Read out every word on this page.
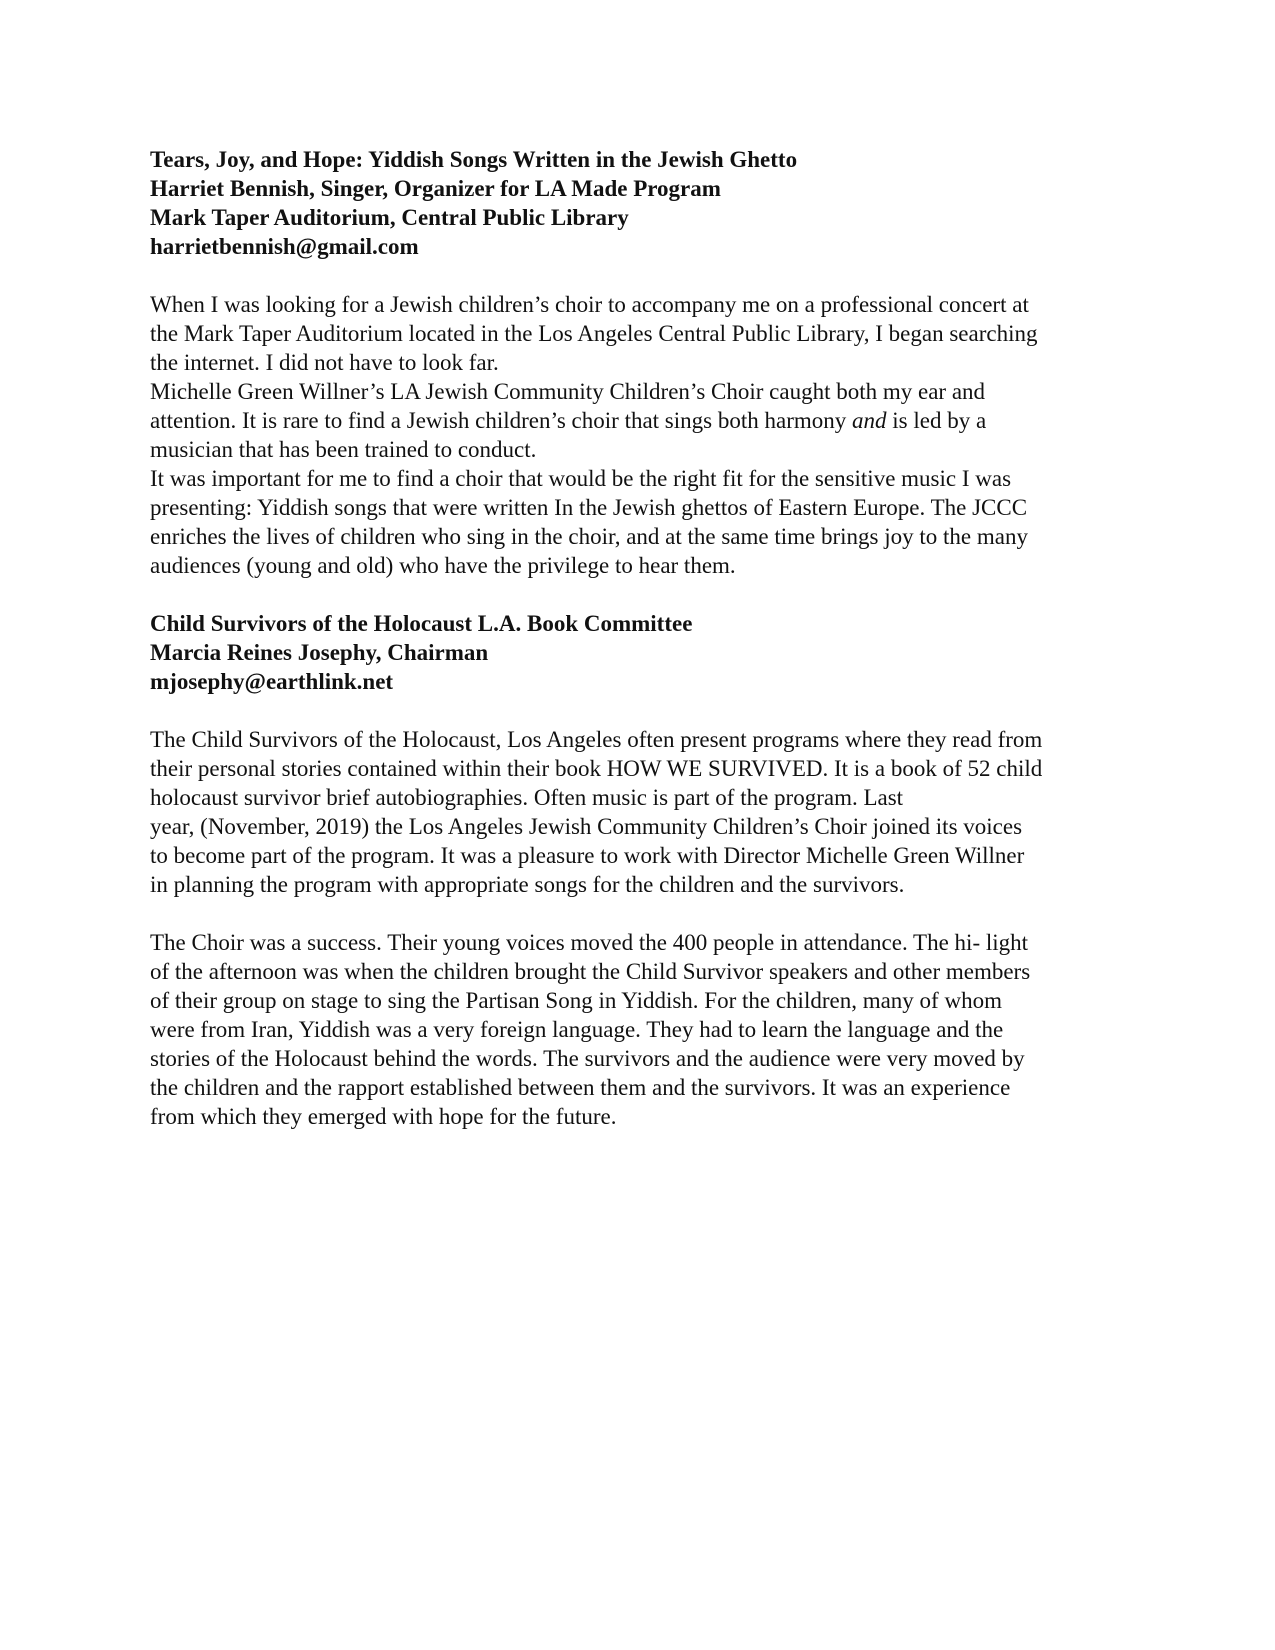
Tears, Joy, and Hope: Yiddish Songs Written in the Jewish Ghetto
Harriet Bennish, Singer, Organizer for LA Made Program
Mark Taper Auditorium, Central Public Library
harrietbennish@gmail.com
When I was looking for a Jewish children’s choir to accompany me on a professional concert at
the Mark Taper Auditorium located in the Los Angeles Central Public Library, I began searching
the internet. I did not have to look far.
Michelle Green Willner’s LA Jewish Community Children’s Choir caught both my ear and
attention. It is rare to find a Jewish children’s choir that sings both harmony and is led by a
musician that has been trained to conduct.
It was important for me to find a choir that would be the right fit for the sensitive music I was
presenting: Yiddish songs that were written In the Jewish ghettos of Eastern Europe. The JCCC
enriches the lives of children who sing in the choir, and at the same time brings joy to the many
audiences (young and old) who have the privilege to hear them.
Child Survivors of the Holocaust L.A. Book Committee
Marcia Reines Josephy, Chairman
mjosephy@earthlink.net
The Child Survivors of the Holocaust, Los Angeles often present programs where they read from
their personal stories contained within their book HOW WE SURVIVED. It is a book of 52 child
holocaust survivor brief autobiographies. Often music is part of the program. Last
year, (November, 2019) the Los Angeles Jewish Community Children’s Choir joined its voices
to become part of the program. It was a pleasure to work with Director Michelle Green Willner
in planning the program with appropriate songs for the children and the survivors.
The Choir was a success. Their young voices moved the 400 people in attendance. The hi- light
of the afternoon was when the children brought the Child Survivor speakers and other members
of their group on stage to sing the Partisan Song in Yiddish. For the children, many of whom
were from Iran, Yiddish was a very foreign language. They had to learn the language and the
stories of the Holocaust behind the words. The survivors and the audience were very moved by
the children and the rapport established between them and the survivors. It was an experience
from which they emerged with hope for the future.
